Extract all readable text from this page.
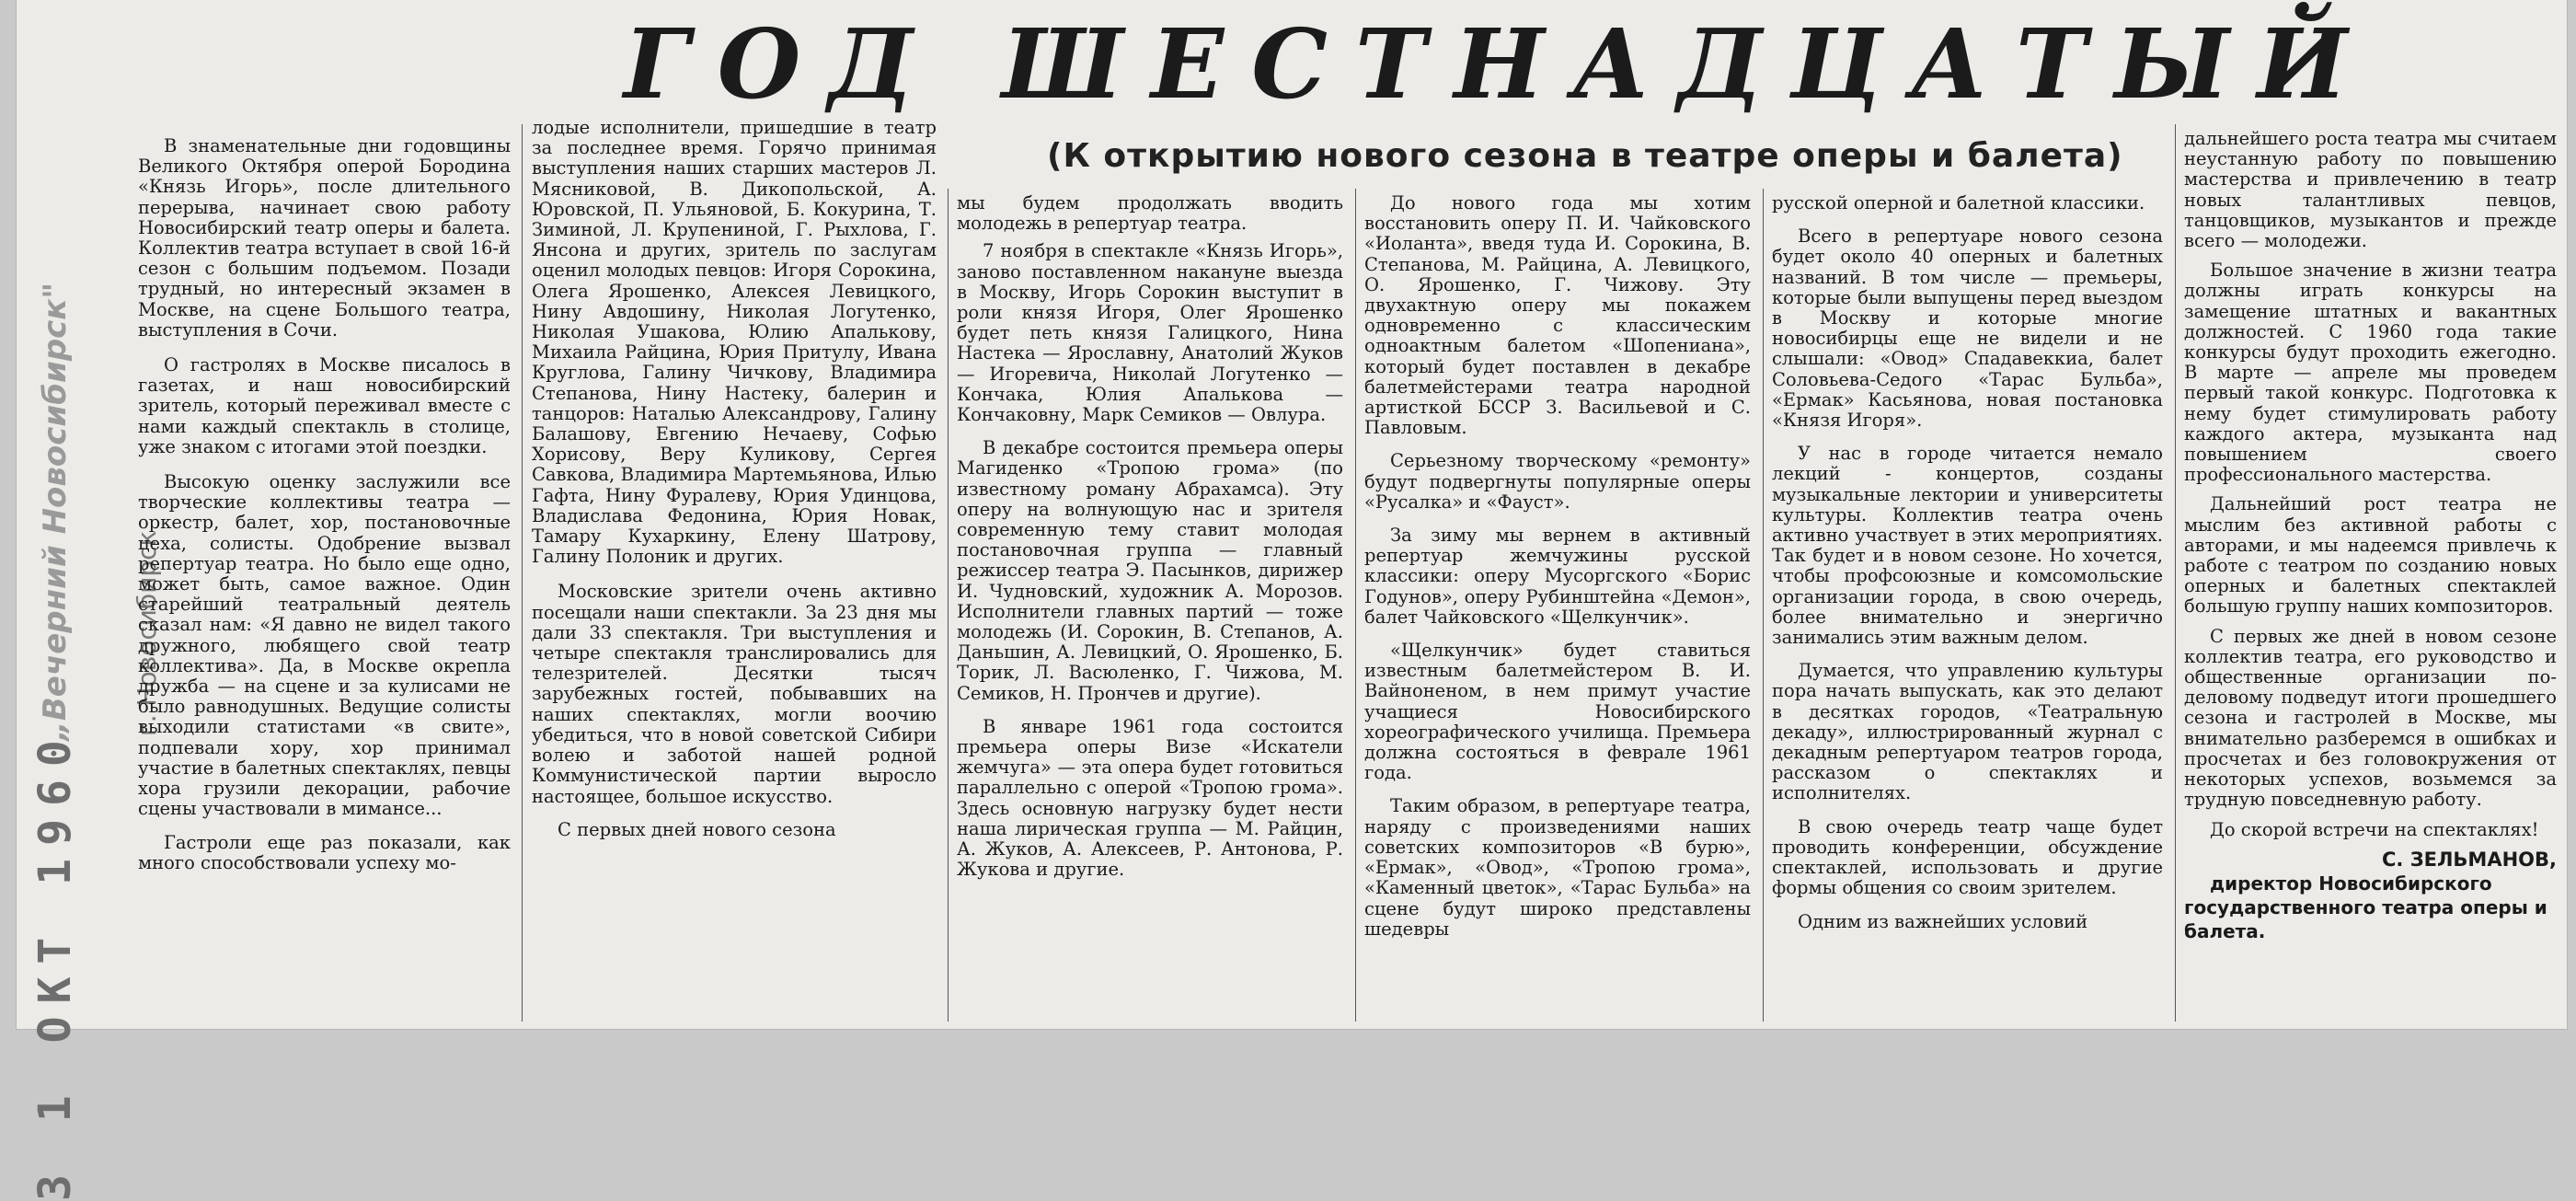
ГОД ШЕСТНАДЦАТЫЙ
(К открытию нового сезона в театре оперы и балета)
3 1 ОКТ 1960
„Вечерний Новосибирск" г. Новосибирск

В знаменательные дни годовщины Великого Октября оперой Бородина «Князь Игорь», после длительного перерыва, начинает свою работу Новосибирский театр оперы и балета. Коллектив театра вступает в свой 16-й сезон с большим подъемом. Позади трудный, но интересный экзамен в Москве, на сцене Большого театра, выступления в Сочи.

О гастролях в Москве писалось в газетах, и наш новосибирский зритель, который переживал вместе с нами каждый спектакль в столице, уже знаком с итогами этой поездки.

Высокую оценку заслужили все творческие коллективы театра — оркестр, балет, хор, постановочные цеха, солисты. Одобрение вызвал репертуар театра. Но было еще одно, может быть, самое важное. Один старейший театральный деятель сказал нам: «Я давно не видел такого дружного, любящего свой театр коллектива». Да, в Москве окрепла дружба — на сцене и за кулисами не было равнодушных. Ведущие солисты выходили статистами «в свите», подпевали хору, хор принимал участие в балетных спектаклях, певцы хора грузили декорации, рабочие сцены участвовали в мимансе...

Гастроли еще раз показали, как много способствовали успеху мо-

лодые исполнители, пришедшие в театр за последнее время. Горячо принимая выступления наших старших мастеров Л. Мясниковой, В. Дикопольской, А. Юровской, П. Ульяновой, Б. Кокурина, Т. Зиминой, Л. Крупениной, Г. Рыхлова, Г. Янсона и других, зритель по заслугам оценил молодых певцов: Игоря Сорокина, Олега Ярошенко, Алексея Левицкого, Нину Авдошину, Николая Логутенко, Николая Ушакова, Юлию Апалькову, Михаила Райцина, Юрия Притулу, Ивана Круглова, Галину Чичкову, Владимира Степанова, Нину Настеку, балерин и танцоров: Наталью Александрову, Галину Балашову, Евгению Нечаеву, Софью Хорисову, Веру Куликову, Сергея Савкова, Владимира Мартемьянова, Илью Гафта, Нину Фуралеву, Юрия Удинцова, Владислава Федонина, Юрия Новак, Тамару Кухаркину, Елену Шатрову, Галину Полоник и других.

Московские зрители очень активно посещали наши спектакли. За 23 дня мы дали 33 спектакля. Три выступления и четыре спектакля транслировались для телезрителей. Десятки тысяч зарубежных гостей, побывавших на наших спектаклях, могли воочию убедиться, что в новой советской Сибири волею и заботой нашей родной Коммунистической партии выросло настоящее, большое искусство.

С первых дней нового сезона

мы будем продолжать вводить молодежь в репертуар театра.

7 ноября в спектакле «Князь Игорь», заново поставленном накануне выезда в Москву, Игорь Сорокин выступит в роли князя Игоря, Олег Ярошенко будет петь князя Галицкого, Нина Настека — Ярославну, Анатолий Жуков — Игоревича, Николай Логутенко — Кончака, Юлия Апалькова — Кончаковну, Марк Семиков — Овлура.

В декабре состоится премьера оперы Магиденко «Тропою грома» (по известному роману Абрахамса). Эту оперу на волнующую нас и зрителя современную тему ставит молодая постановочная группа — главный режиссер театра Э. Пасынков, дирижер И. Чудновский, художник А. Морозов. Исполнители главных партий — тоже молодежь (И. Сорокин, В. Степанов, А. Даньшин, А. Левицкий, О. Ярошенко, Б. Торик, Л. Васюленко, Г. Чижова, М. Семиков, Н. Прончев и другие).

В январе 1961 года состоится премьера оперы Визе «Искатели жемчуга» — эта опера будет готовиться параллельно с оперой «Тропою грома». Здесь основную нагрузку будет нести наша лирическая группа — М. Райцин, А. Жуков, А. Алексеев, Р. Антонова, Р. Жукова и другие.

До нового года мы хотим восстановить оперу П. И. Чайковского «Иоланта», введя туда И. Сорокина, В. Степанова, М. Райцина, А. Левицкого, О. Ярошенко, Г. Чижову. Эту двухактную оперу мы покажем одновременно с классическим одноактным балетом «Шопениана», который будет поставлен в декабре балетмейстерами театра народной артисткой БССР З. Васильевой и С. Павловым.

Серьезному творческому «ремонту» будут подвергнуты популярные оперы «Русалка» и «Фауст».

За зиму мы вернем в активный репертуар жемчужины русской классики: оперу Мусоргского «Борис Годунов», оперу Рубинштейна «Демон», балет Чайковского «Щелкунчик».

«Щелкунчик» будет ставиться известным балетмейстером В. И. Вайноненом, в нем примут участие учащиеся Новосибирского хореографического училища. Премьера должна состояться в феврале 1961 года.

Таким образом, в репертуаре театра, наряду с произведениями наших советских композиторов «В бурю», «Ермак», «Овод», «Тропою грома», «Каменный цветок», «Тарас Бульба» на сцене будут широко представлены шедевры

русской оперной и балетной классики.

Всего в репертуаре нового сезона будет около 40 оперных и балетных названий. В том числе — премьеры, которые были выпущены перед выездом в Москву и которые многие новосибирцы еще не видели и не слышали: «Овод» Спадавеккиа, балет Соловьева-Седого «Тарас Бульба», «Ермак» Касьянова, новая постановка «Князя Игоря».

У нас в городе читается немало лекций - концертов, созданы музыкальные лектории и университеты культуры. Коллектив театра очень активно участвует в этих мероприятиях. Так будет и в новом сезоне. Но хочется, чтобы профсоюзные и комсомольские организации города, в свою очередь, более внимательно и энергично занимались этим важным делом.

Думается, что управлению культуры пора начать выпускать, как это делают в десятках городов, «Театральную декаду», иллюстрированный журнал с декадным репертуаром театров города, рассказом о спектаклях и исполнителях.

В свою очередь театр чаще будет проводить конференции, обсуждение спектаклей, использовать и другие формы общения со своим зрителем.

Одним из важнейших условий

дальнейшего роста театра мы считаем неустанную работу по повышению мастерства и привлечению в театр новых талантливых певцов, танцовщиков, музыкантов и прежде всего — молодежи.

Большое значение в жизни театра должны играть конкурсы на замещение штатных и вакантных должностей. С 1960 года такие конкурсы будут проходить ежегодно. В марте — апреле мы проведем первый такой конкурс. Подготовка к нему будет стимулировать работу каждого актера, музыканта над повышением своего профессионального мастерства.

Дальнейший рост театра не мыслим без активной работы с авторами, и мы надеемся привлечь к работе с театром по созданию новых оперных и балетных спектаклей большую группу наших композиторов.

С первых же дней в новом сезоне коллектив театра, его руководство и общественные организации по-деловому подведут итоги прошедшего сезона и гастролей в Москве, мы внимательно разберемся в ошибках и просчетах и без головокружения от некоторых успехов, возьмемся за трудную повседневную работу.

До скорой встречи на спектаклях!

С. ЗЕЛЬМАНОВ,

директор Новосибирского государственного театра оперы и балета.
